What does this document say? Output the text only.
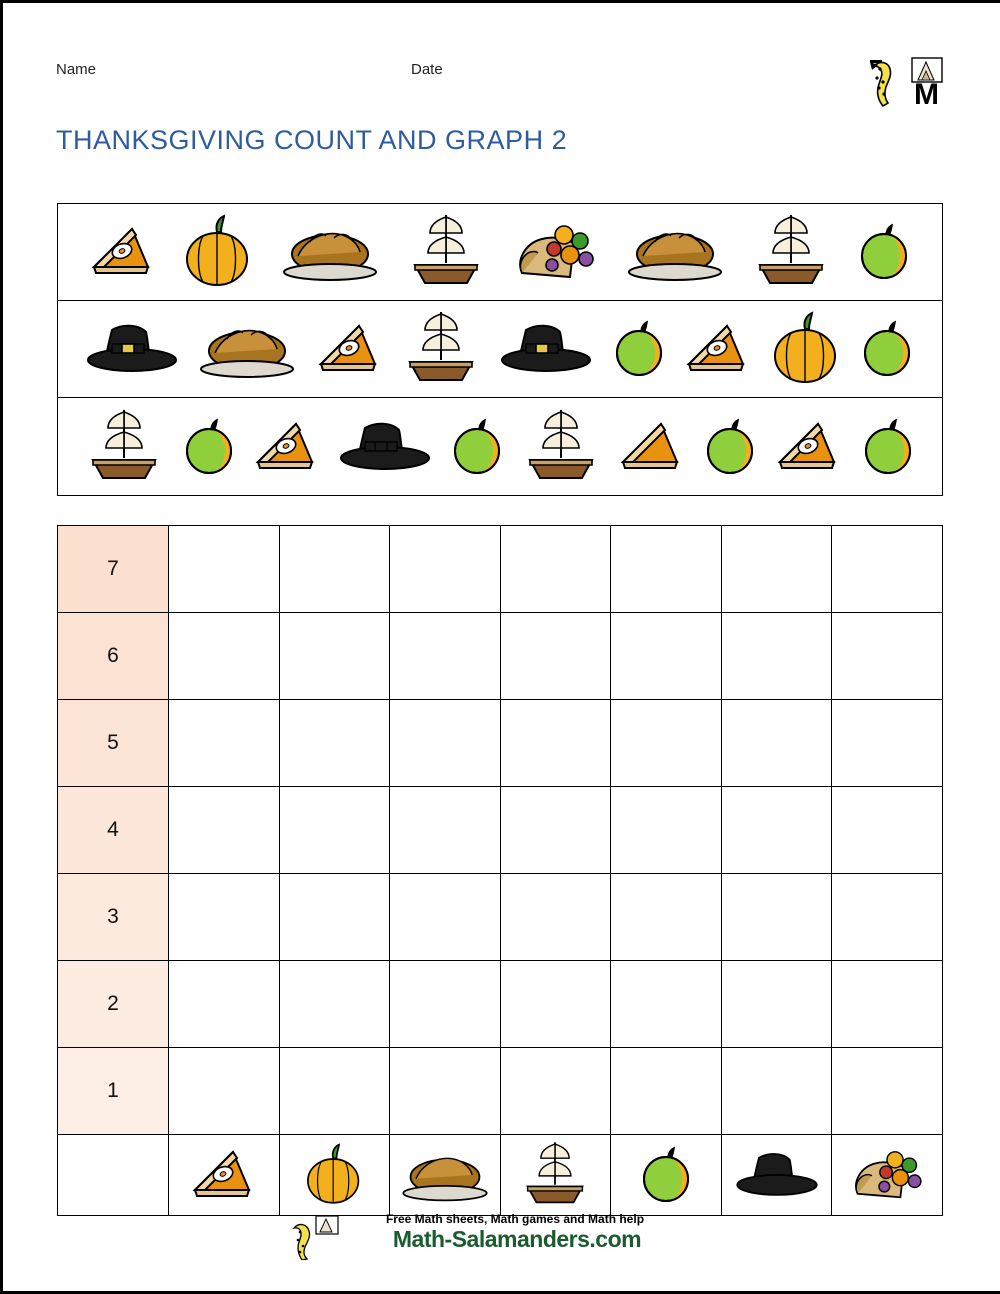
Name	Date
M
THANKSGIVING COUNT AND GRAPH 2
7							
6							
5							
4							
3							
2							
1							

Free Math sheets, Math games and Math help
Math-Salamanders.com
